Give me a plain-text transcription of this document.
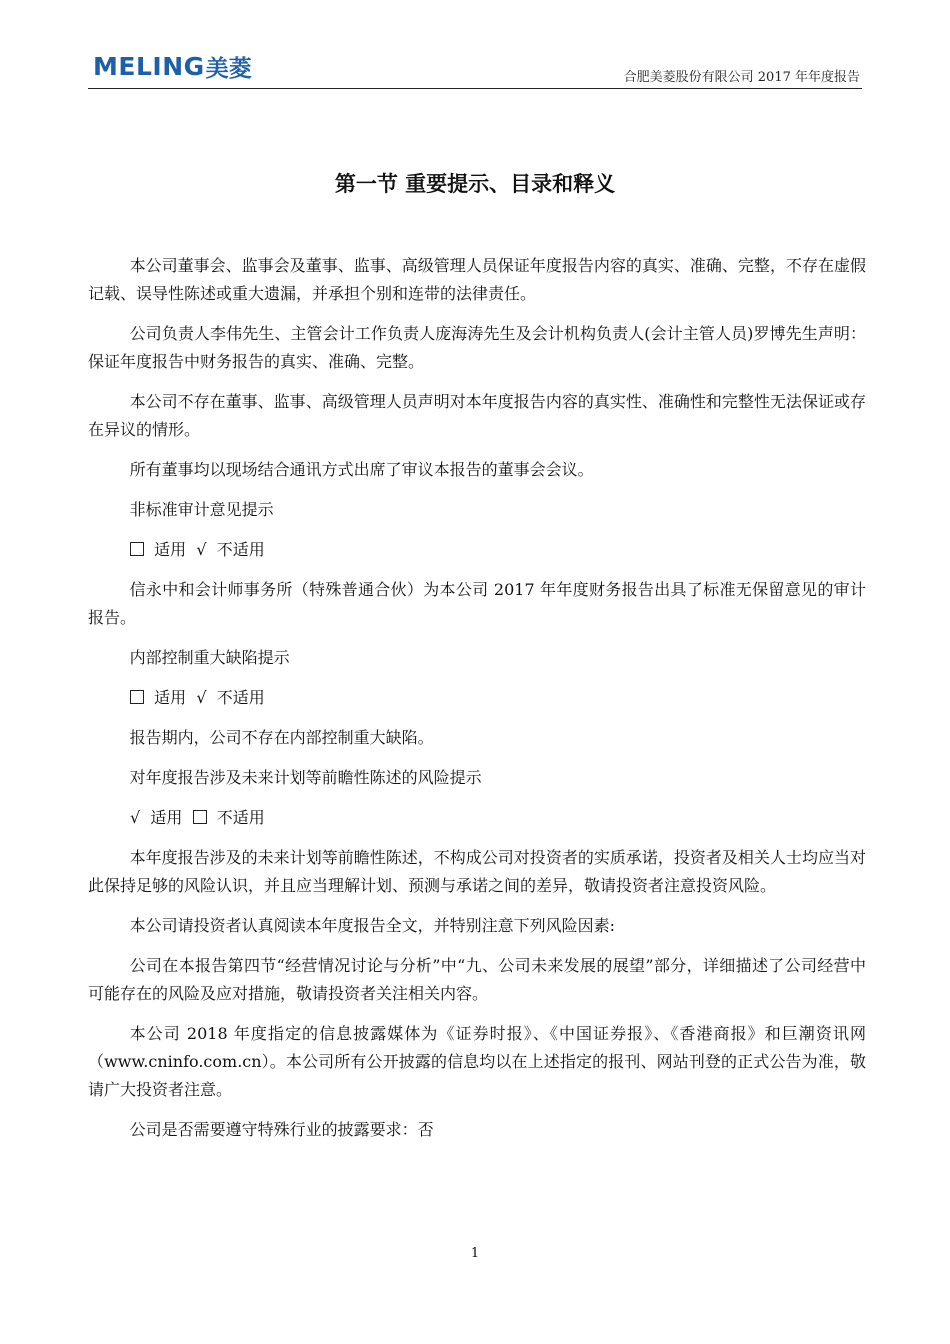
MELING 美菱	合肥美菱股份有限公司 2017 年年度报告
第一节 重要提示、目录和释义

本公司董事会、监事会及董事、监事、高级管理人员保证年度报告内容的真实、准确、完整，不存在虚假记载、误导性陈述或重大遗漏，并承担个别和连带的法律责任。

公司负责人李伟先生、主管会计工作负责人庞海涛先生及会计机构负责人(会计主管人员)罗博先生声明：保证年度报告中财务报告的真实、准确、完整。

本公司不存在董事、监事、高级管理人员声明对本年度报告内容的真实性、准确性和完整性无法保证或存在异议的情形。

所有董事均以现场结合通讯方式出席了审议本报告的董事会会议。

非标准审计意见提示

适用 √ 不适用

信永中和会计师事务所（特殊普通合伙）为本公司 2017 年年度财务报告出具了标准无保留意见的审计报告。

内部控制重大缺陷提示

适用 √ 不适用

报告期内，公司不存在内部控制重大缺陷。

对年度报告涉及未来计划等前瞻性陈述的风险提示

√ 适用 不适用

本年度报告涉及的未来计划等前瞻性陈述，不构成公司对投资者的实质承诺，投资者及相关人士均应当对此保持足够的风险认识，并且应当理解计划、预测与承诺之间的差异，敬请投资者注意投资风险。

本公司请投资者认真阅读本年度报告全文，并特别注意下列风险因素:

公司在本报告第四节“经营情况讨论与分析”中“九、公司未来发展的展望”部分，详细描述了公司经营中可能存在的风险及应对措施，敬请投资者关注相关内容。

本公司 2018 年度指定的信息披露媒体为《证券时报》、《中国证券报》、《香港商报》和巨潮资讯网（www.cninfo.com.cn）。本公司所有公开披露的信息均以在上述指定的报刊、网站刊登的正式公告为准，敬请广大投资者注意。

公司是否需要遵守特殊行业的披露要求：否

1
